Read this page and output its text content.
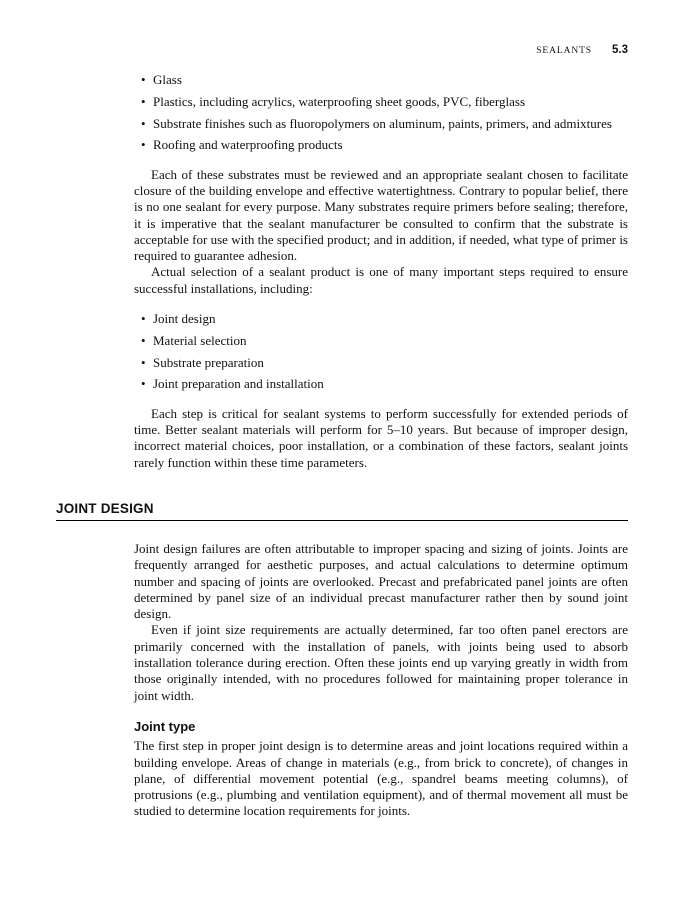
SEALANTS 5.3
• Glass
• Plastics, including acrylics, waterproofing sheet goods, PVC, fiberglass
• Substrate finishes such as fluoropolymers on aluminum, paints, primers, and admixtures
• Roofing and waterproofing products

Each of these substrates must be reviewed and an appropriate sealant chosen to facilitate closure of the building envelope and effective watertightness. Contrary to popular belief, there is no one sealant for every purpose. Many substrates require primers before sealing; therefore, it is imperative that the sealant manufacturer be consulted to confirm that the substrate is acceptable for use with the specified product; and in addition, if needed, what type of primer is required to guarantee adhesion.

Actual selection of a sealant product is one of many important steps required to ensure successful installations, including:

• Joint design
• Material selection
• Substrate preparation
• Joint preparation and installation

Each step is critical for sealant systems to perform successfully for extended periods of time. Better sealant materials will perform for 5–10 years. But because of improper design, incorrect material choices, poor installation, or a combination of these factors, sealant joints rarely function within these time parameters.

JOINT DESIGN

Joint design failures are often attributable to improper spacing and sizing of joints. Joints are frequently arranged for aesthetic purposes, and actual calculations to determine optimum number and spacing of joints are overlooked. Precast and prefabricated panel joints are often determined by panel size of an individual precast manufacturer rather then by sound joint design.

Even if joint size requirements are actually determined, far too often panel erectors are primarily concerned with the installation of panels, with joints being used to absorb installation tolerance during erection. Often these joints end up varying greatly in width from those originally intended, with no procedures followed for maintaining proper tolerance in joint width.

Joint type

The first step in proper joint design is to determine areas and joint locations required within a building envelope. Areas of change in materials (e.g., from brick to concrete), of changes in plane, of differential movement potential (e.g., spandrel beams meeting columns), of protrusions (e.g., plumbing and ventilation equipment), and of thermal movement all must be studied to determine location requirements for joints.
